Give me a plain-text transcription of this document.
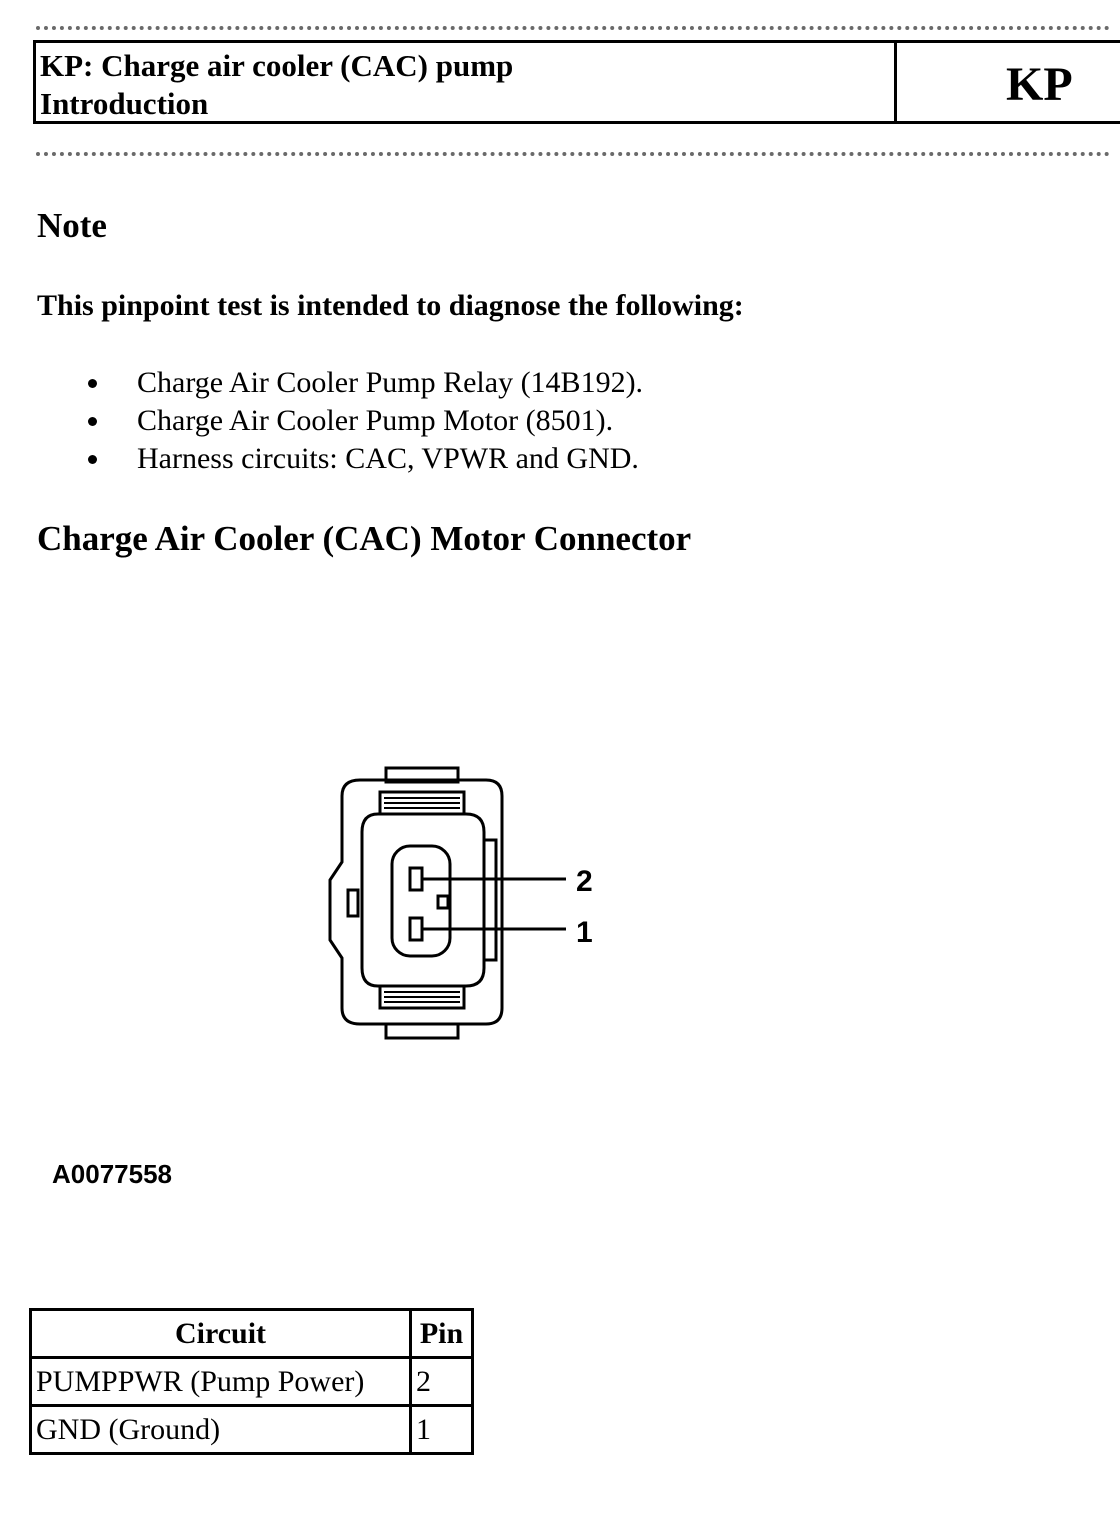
KP: Charge air cooler (CAC) pump
Introduction	KP
Note
This pinpoint test is intended to diagnose the following:
Charge Air Cooler Pump Relay (14B192).
Charge Air Cooler Pump Motor (8501).
Harness circuits: CAC, VPWR and GND.
Charge Air Cooler (CAC) Motor Connector
2
1
A0077558
Circuit	Pin
PUMPPWR (Pump Power)	2
GND (Ground)	1
